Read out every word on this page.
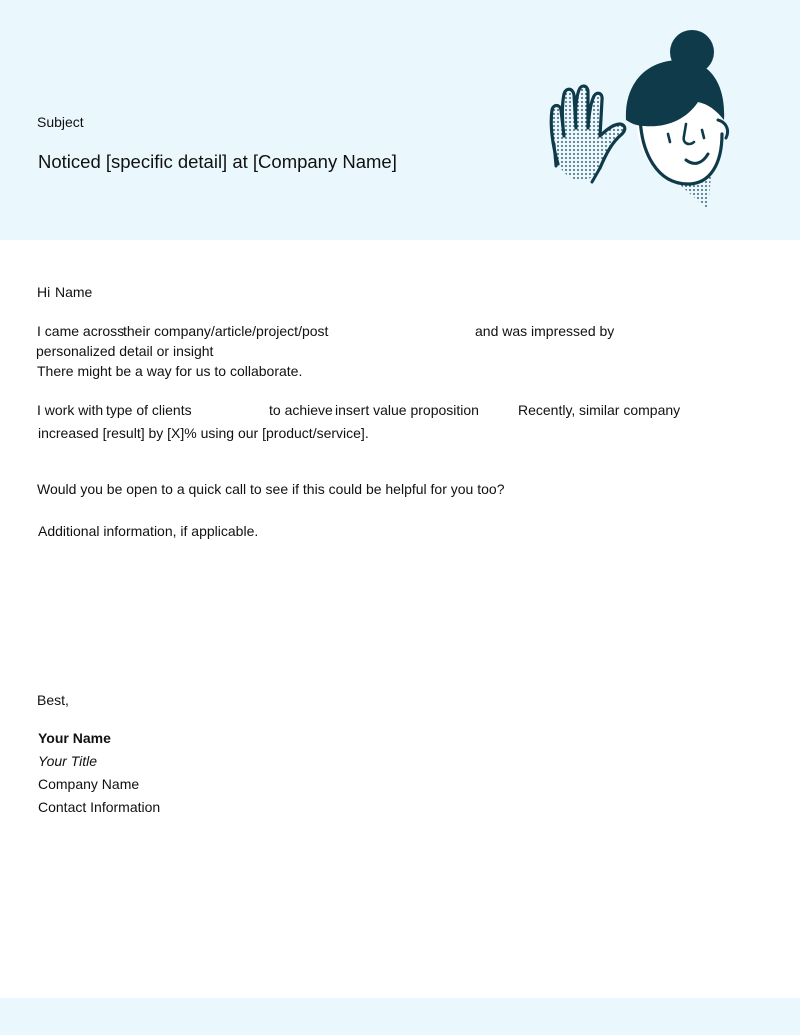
Subject
Noticed [specific detail] at [Company Name]
Hi Name
I came across
their company/article/project/post	and was impressed by
personalized detail or insight
There might be a way for us to collaborate.
I work with type of clients	to achieve insert value proposition	Recently, similar company
increased [result] by [X]% using our [product/service].
Would you be open to a quick call to see if this could be helpful for you too?
Additional information, if applicable.
Best,
Your Name
Your Title
Company Name
Contact Information
